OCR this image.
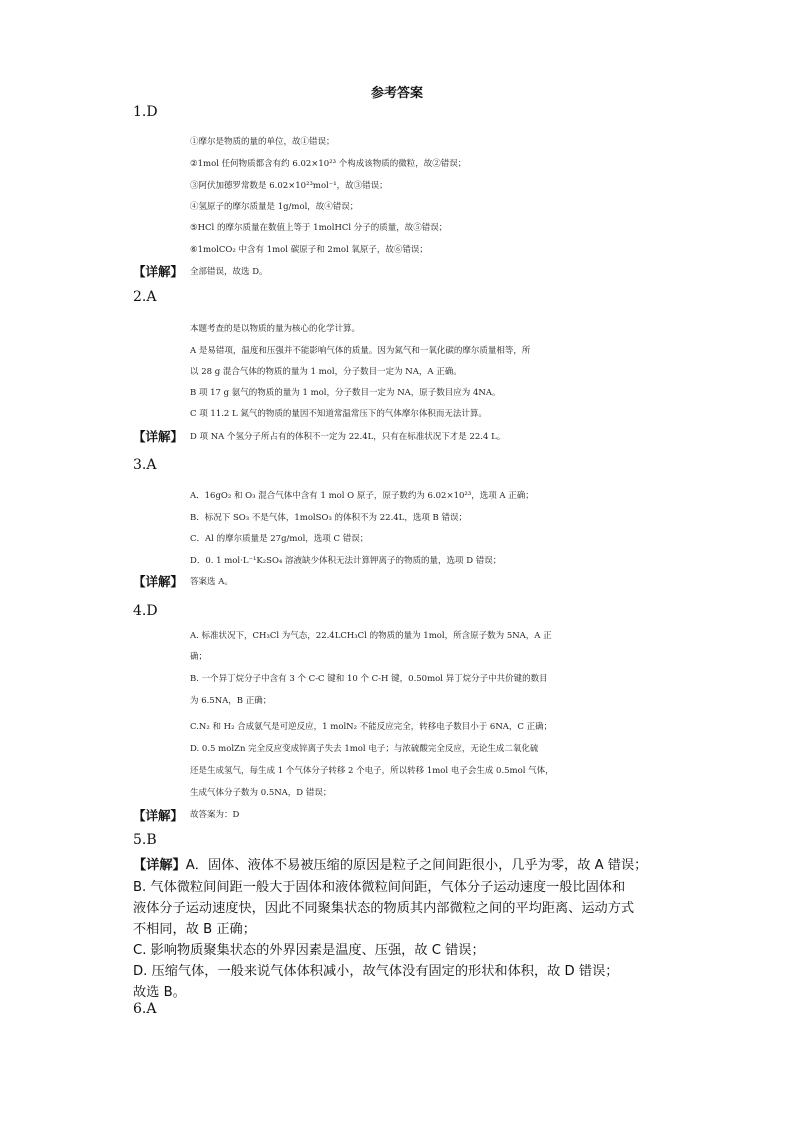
参考答案
1.D
①摩尔是物质的量的单位，故①错误；
②1mol 任何物质都含有约 6.02×10²³ 个构成该物质的微粒，故②错误；
③阿伏加德罗常数是 6.02×10²³mol⁻¹，故③错误；
④氢原子的摩尔质量是 1g/mol，故④错误；
⑤HCl 的摩尔质量在数值上等于 1molHCl 分子的质量，故⑤错误；
⑥1molCO₂ 中含有 1mol 碳原子和 2mol 氧原子，故⑥错误；
【详解】 全部错误，故选 D。
2.A
本题考查的是以物质的量为核心的化学计算。
A 是易错项，温度和压强并不能影响气体的质量。因为氮气和一氧化碳的摩尔质量相等，所
以 28 g 混合气体的物质的量为 1 mol，分子数目一定为 NA，A 正确。
B 项 17 g 氨气的物质的量为 1 mol，分子数目一定为 NA，原子数目应为 4NA。
C 项 11.2 L 氮气的物质的量因不知道常温常压下的气体摩尔体积而无法计算。
【详解】 D 项 NA 个氢分子所占有的体积不一定为 22.4L，只有在标准状况下才是 22.4 L。
3.A
A．16gO₂ 和 O₃ 混合气体中含有 1 mol O 原子，原子数约为 6.02×10²³，选项 A 正确；
B．标况下 SO₃ 不是气体，1molSO₃ 的体积不为 22.4L，选项 B 错误；
C．Al 的摩尔质量是 27g/mol，选项 C 错误；
D．0. 1 mol·L⁻¹K₂SO₄ 溶液缺少体积无法计算钾离子的物质的量，选项 D 错误；
【详解】 答案选 A。
4.D
A. 标准状况下，CH₃Cl 为气态，22.4LCH₃Cl 的物质的量为 1mol，所含原子数为 5NA，A 正
确；
B. 一个异丁烷分子中含有 3 个 C-C 键和 10 个 C-H 键，0.50mol 异丁烷分子中共价键的数目
为 6.5NA，B 正确；
C.N₂ 和 H₂ 合成氨气是可逆反应，1 molN₂ 不能反应完全，转移电子数目小于 6NA，C 正确；
D. 0.5 molZn 完全反应变成锌离子失去 1mol 电子；与浓硫酸完全反应，无论生成二氧化硫
还是生成氢气，每生成 1 个气体分子转移 2 个电子，所以转移 1mol 电子会生成 0.5mol 气体，
生成气体分子数为 0.5NA，D 错误；
【详解】 故答案为：D
5.B
【详解】A．固体、液体不易被压缩的原因是粒子之间间距很小，几乎为零，故 A 错误；
B. 气体微粒间间距一般大于固体和液体微粒间间距，气体分子运动速度一般比固体和
液体分子运动速度快，因此不同聚集状态的物质其内部微粒之间的平均距离、运动方式
不相同，故 B 正确；
C. 影响物质聚集状态的外界因素是温度、压强，故 C 错误；
D. 压缩气体，一般来说气体体积减小，故气体没有固定的形状和体积，故 D 错误；
故选 B。
6.A
